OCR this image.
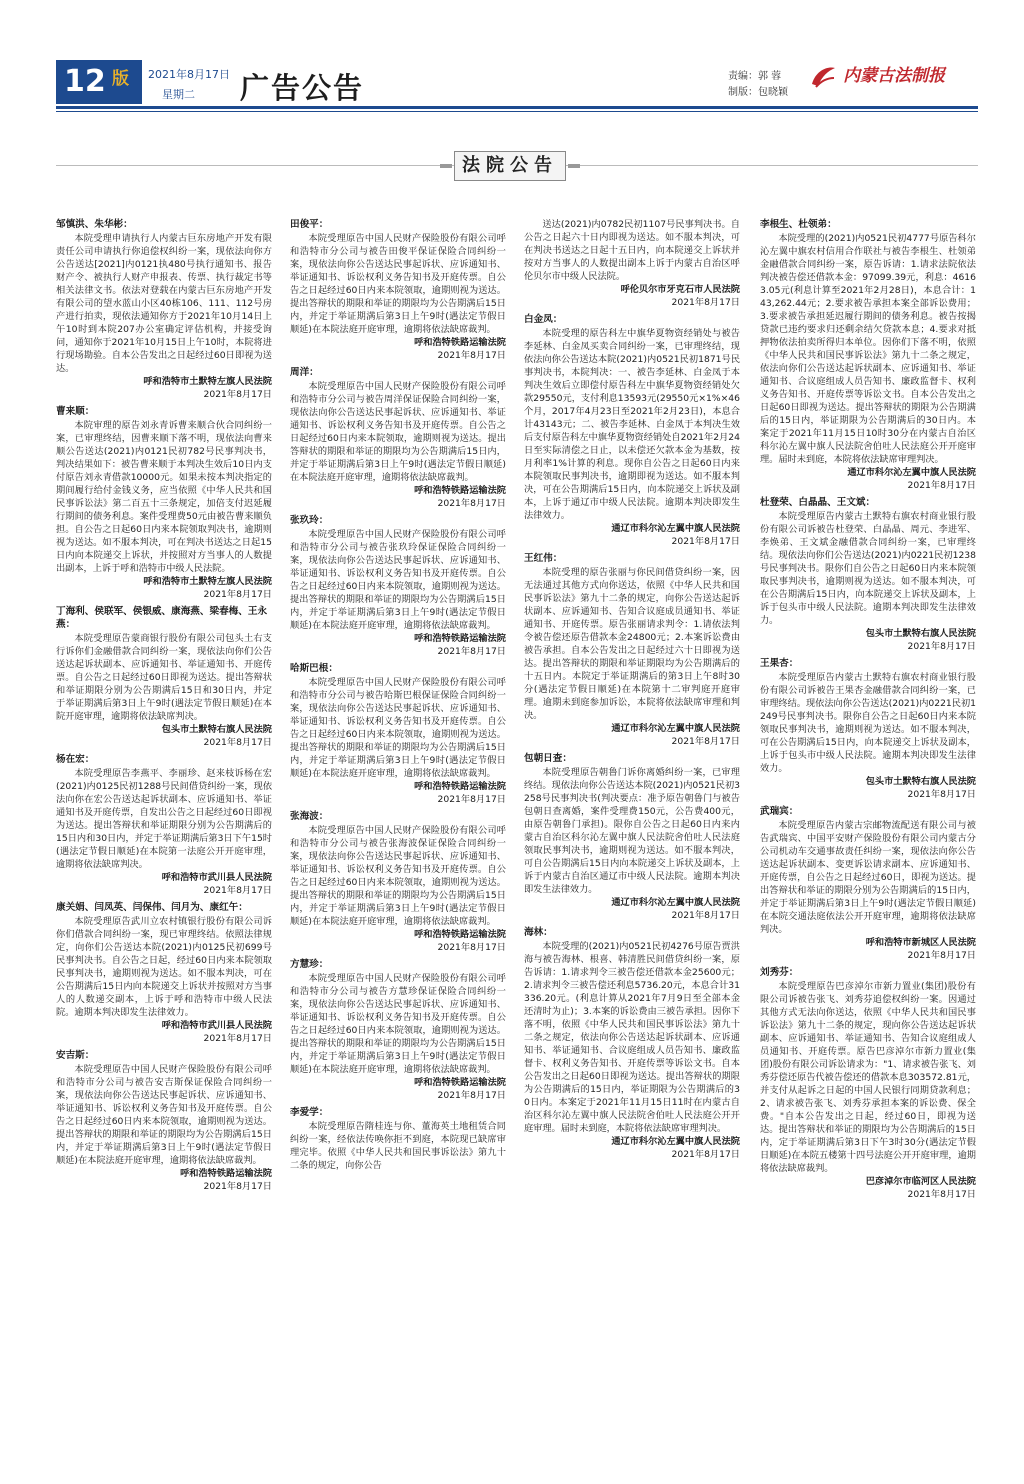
12 版 2021年8月17日
星期二 广告公告	责编：郭 蓉
制版：包晓颖
内蒙古法制报
法院公告

邹慎洪、朱华彬：

本院受理申请执行人内蒙古巨东房地产开发有限责任公司申请执行你追偿权纠纷一案，现依法向你方公告送达[2021]内0121执480号执行通知书、报告财产令、被执行人财产申报表、传票、执行裁定书等相关法律文书。依法对登载在内蒙古巨东房地产开发有限公司的望水蓝山小区40栋106、111、112号房产进行拍卖，现依法通知你方于2021年10月14日上午10时到本院207办公室确定评估机构，并接受询问，通知你于2021年10月15日上午10时，本院将进行现场勘验。自本公告发出之日起经过60日即视为送达。

呼和浩特市土默特左旗人民法院

2021年8月17日

曹来顺：

本院审理的原告刘永青诉曹来顺合伙合同纠纷一案，已审理终结，因曹来顺下落不明，现依法向曹来顺公告送达(2021)内0121民初782号民事判决书，判决结果如下：被告曹来顺于本判决生效后10日内支付原告刘永青借款10000元。如果未按本判决指定的期间履行给付金钱义务，应当依照《中华人民共和国民事诉讼法》第二百五十三条规定，加倍支付迟延履行期间的债务利息。案件受理费50元由被告曹来顺负担。自公告之日起60日内来本院领取判决书，逾期则视为送达。如不服本判决，可在判决书送达之日起15日内向本院递交上诉状，并按照对方当事人的人数提出副本，上诉于呼和浩特市中级人民法院。

呼和浩特市土默特左旗人民法院

2021年8月17日

丁海利、侯联军、侯银威、康海燕、梁春梅、王永燕：

本院受理原告蒙商银行股份有限公司包头土右支行诉你们金融借款合同纠纷一案，现依法向你们公告送达起诉状副本、应诉通知书、举证通知书、开庭传票。自公告之日起经过60日即视为送达。提出答辩状和举证期限分别为公告期满后15日和30日内，并定于举证期满后第3日上午9时(遇法定节假日顺延)在本院开庭审理，逾期将依法缺席判决。

包头市土默特右旗人民法院

2021年8月17日

杨在宏：

本院受理原告李燕平、李丽珍、赵来枝诉杨在宏(2021)内0125民初1288号民间借贷纠纷一案，现依法向你在宏公告送达起诉状副本、应诉通知书、举证通知书及开庭传票，自发出公告之日起经过60日即视为送达。提出答辩状和举证期限分别为公告期满后的15日内和30日内，并定于举证期满后第3日下午15时(遇法定节假日顺延)在本院第一法庭公开开庭审理，逾期将依法缺席判决。

呼和浩特市武川县人民法院

2021年8月17日

康关娟、闫凤英、闫保伟、闫月为、康红午：

本院受理原告武川立农村镇银行股份有限公司诉你们借款合同纠纷一案，现已审理终结。依照法律规定，向你们公告送达本院(2021)内0125民初699号民事判决书。自公告之日起，经过60日内来本院领取民事判决书，逾期则视为送达。如不服本判决，可在公告期满后15日内向本院递交上诉状并按照对方当事人的人数递交副本，上诉于呼和浩特市中级人民法院。逾期本判决即发生法律效力。

呼和浩特市武川县人民法院

2021年8月17日

安吉斯：

本院受理原告中国人民财产保险股份有限公司呼和浩特市分公司与被告安吉斯保证保险合同纠纷一案，现依法向你公告送达民事起诉状、应诉通知书、举证通知书、诉讼权利义务告知书及开庭传票。自公告之日起经过60日内来本院领取，逾期则视为送达。提出答辩状的期限和举证的期限均为公告期满后15日内，并定于举证期满后第3日上午9时(遇法定节假日顺延)在本院法庭开庭审理，逾期将依法缺席裁判。

呼和浩特铁路运输法院

2021年8月17日

田俊平：

本院受理原告中国人民财产保险股份有限公司呼和浩特市分公司与被告田俊平保证保险合同纠纷一案，现依法向你公告送达民事起诉状、应诉通知书、举证通知书、诉讼权利义务告知书及开庭传票。自公告之日起经过60日内来本院领取，逾期则视为送达。提出答辩状的期限和举证的期限均为公告期满后15日内，并定于举证期满后第3日上午9时(遇法定节假日顺延)在本院法庭开庭审理，逾期将依法缺席裁判。

呼和浩特铁路运输法院

2021年8月17日

周洋：

本院受理原告中国人民财产保险股份有限公司呼和浩特市分公司与被告周洋保证保险合同纠纷一案，现依法向你公告送达民事起诉状、应诉通知书、举证通知书、诉讼权利义务告知书及开庭传票。自公告之日起经过60日内来本院领取，逾期则视为送达。提出答辩状的期限和举证的期限均为公告期满后15日内，并定于举证期满后第3日上午9时(遇法定节假日顺延)在本院法庭开庭审理，逾期将依法缺席裁判。

呼和浩特铁路运输法院

2021年8月17日

张玖玲：

本院受理原告中国人民财产保险股份有限公司呼和浩特市分公司与被告张玖玲保证保险合同纠纷一案，现依法向你公告送达民事起诉状、应诉通知书、举证通知书、诉讼权利义务告知书及开庭传票。自公告之日起经过60日内来本院领取，逾期则视为送达。提出答辩状的期限和举证的期限均为公告期满后15日内，并定于举证期满后第3日上午9时(遇法定节假日顺延)在本院法庭开庭审理，逾期将依法缺席裁判。

呼和浩特铁路运输法院

2021年8月17日

哈斯巴根：

本院受理原告中国人民财产保险股份有限公司呼和浩特市分公司与被告哈斯巴根保证保险合同纠纷一案，现依法向你公告送达民事起诉状、应诉通知书、举证通知书、诉讼权利义务告知书及开庭传票。自公告之日起经过60日内来本院领取，逾期则视为送达。提出答辩状的期限和举证的期限均为公告期满后15日内，并定于举证期满后第3日上午9时(遇法定节假日顺延)在本院法庭开庭审理，逾期将依法缺席裁判。

呼和浩特铁路运输法院

2021年8月17日

张海波：

本院受理原告中国人民财产保险股份有限公司呼和浩特市分公司与被告张海波保证保险合同纠纷一案，现依法向你公告送达民事起诉状、应诉通知书、举证通知书、诉讼权利义务告知书及开庭传票。自公告之日起经过60日内来本院领取，逾期则视为送达。提出答辩状的期限和举证的期限均为公告期满后15日内，并定于举证期满后第3日上午9时(遇法定节假日顺延)在本院法庭开庭审理，逾期将依法缺席裁判。

呼和浩特铁路运输法院

2021年8月17日

方慧珍：

本院受理原告中国人民财产保险股份有限公司呼和浩特市分公司与被告方慧珍保证保险合同纠纷一案，现依法向你公告送达民事起诉状、应诉通知书、举证通知书、诉讼权利义务告知书及开庭传票。自公告之日起经过60日内来本院领取，逾期则视为送达。提出答辩状的期限和举证的期限均为公告期满后15日内，并定于举证期满后第3日上午9时(遇法定节假日顺延)在本院法庭开庭审理，逾期将依法缺席裁判。

呼和浩特铁路运输法院

2021年8月17日

李爱学：

本院受理原告隋桂连与你、董海英土地租赁合同纠纷一案，经依法传唤你拒不到庭，本院现已缺席审理完毕。依照《中华人民共和国民事诉讼法》第九十二条的规定，向你公告

送达(2021)内0782民初1107号民事判决书。自公告之日起六十日内即视为送达。如不服本判决，可在判决书送达之日起十五日内，向本院递交上诉状并按对方当事人的人数提出副本上诉于内蒙古自治区呼伦贝尔市中级人民法院。

呼伦贝尔市牙克石市人民法院

2021年8月17日

白金凤：

本院受理的原告科左中旗华夏物资经销处与被告李延林、白金凤买卖合同纠纷一案，已审理终结，现依法向你公告送达本院(2021)内0521民初1871号民事判决书，本院判决：一、被告李延林、白金凤于本判决生效后立即偿付原告科左中旗华夏物资经销处欠款29550元，支付利息13593元(29550元×1%×46个月，2017年4月23日至2021年2月23日)，本息合计43143元；二、被告李延林、白金凤于本判决生效后支付原告科左中旗华夏物资经销处自2021年2月24日至实际清偿之日止，以未偿还欠款本金为基数，按月利率1%计算的利息。现你自公告之日起60日内来本院领取民事判决书，逾期即视为送达。如不服本判决，可在公告期满后15日内，向本院递交上诉状及副本，上诉于通辽市中级人民法院。逾期本判决即发生法律效力。

通辽市科尔沁左翼中旗人民法院

2021年8月17日

王红伟：

本院受理的原告张丽与你民间借贷纠纷一案，因无法通过其他方式向你送达，依照《中华人民共和国民事诉讼法》第九十二条的规定，向你公告送达起诉状副本、应诉通知书、告知合议庭成员通知书、举证通知书、开庭传票。原告张丽请求判令：1.请依法判令被告偿还原告借款本金24800元；2.本案诉讼费由被告承担。自本公告发出之日起经过六十日即视为送达。提出答辩状的期限和举证期限均为公告期满后的十五日内。本院定于举证期满后的第3日上午8时30分(遇法定节假日顺延)在本院第十二审判庭开庭审理。逾期未到庭参加诉讼，本院将依法缺席审理和判决。

通辽市科尔沁左翼中旗人民法院

2021年8月17日

包朝日查：

本院受理原告朝鲁门诉你离婚纠纷一案，已审理终结。现依法向你公告送达本院(2021)内0521民初3258号民事判决书(判决要点：准予原告朝鲁门与被告包朝日查离婚，案件受理费150元，公告费400元，由原告朝鲁门承担)。限你自公告之日起60日内来内蒙古自治区科尔沁左翼中旗人民法院舍伯吐人民法庭领取民事判决书，逾期则视为送达。如不服本判决，可自公告期满后15日内向本院递交上诉状及副本，上诉于内蒙古自治区通辽市中级人民法院。逾期本判决即发生法律效力。

通辽市科尔沁左翼中旗人民法院

2021年8月17日

海林：

本院受理的(2021)内0521民初4276号原告贾洪海与被告海林、根喜、韩清胜民间借贷纠纷一案，原告诉请：1.请求判令三被告偿还借款本金25600元；2.请求判令三被告偿还利息5736.20元，本息合计31336.20元。(利息计算从2021年7月9日至全部本金还清时为止)；3.本案的诉讼费由三被告承担。因你下落不明，依照《中华人民共和国民事诉讼法》第九十二条之规定，依法向你公告送达起诉状副本、应诉通知书、举证通知书、合议庭组成人员告知书、廉政监督卡、权利义务告知书、开庭传票等诉讼文书。自本公告发出之日起60日即视为送达。提出答辩状的期限为公告期满后的15日内，举证期限为公告期满后的30日内。本案定于2021年11月15日11时在内蒙古自治区科尔沁左翼中旗人民法院舍伯吐人民法庭公开开庭审理。届时未到庭，本院将依法缺席审理判决。

通辽市科尔沁左翼中旗人民法院

2021年8月17日

李根生、杜领弟：

本院受理的(2021)内0521民初4777号原告科尔沁左翼中旗农村信用合作联社与被告李根生、杜领弟金融借款合同纠纷一案，原告诉请：1.请求法院依法判决被告偿还借款本金：97099.39元，利息：46163.05元(利息计算至2021年2月28日)，本息合计：143,262.44元；2.要求被告承担本案全部诉讼费用；3.要求被告承担延迟履行期间的债务利息。被告按揭贷款已违约要求归还剩余结欠贷款本息；4.要求对抵押物依法拍卖所得归本单位。因你们下落不明，依照《中华人民共和国民事诉讼法》第九十二条之规定，依法向你们公告送达起诉状副本、应诉通知书、举证通知书、合议庭组成人员告知书、廉政监督卡、权利义务告知书、开庭传票等诉讼文书。自本公告发出之日起60日即视为送达。提出答辩状的期限为公告期满后的15日内，举证期限为公告期满后的30日内。本案定于2021年11月15日10时30分在内蒙古自治区科尔沁左翼中旗人民法院舍伯吐人民法庭公开开庭审理。届时未到庭，本院将依法缺席审理判决。

通辽市科尔沁左翼中旗人民法院

2021年8月17日

杜登荣、白晶晶、王文斌：

本院受理原告内蒙古土默特右旗农村商业银行股份有限公司诉被告杜登荣、白晶晶、周元、李进军、李焕弟、王文斌金融借款合同纠纷一案，已审理终结。现依法向你们公告送达(2021)内0221民初1238号民事判决书。限你们自公告之日起60日内来本院领取民事判决书，逾期则视为送达。如不服本判决，可在公告期满后15日内，向本院递交上诉状及副本，上诉于包头市中级人民法院。逾期本判决即发生法律效力。

包头市土默特右旗人民法院

2021年8月17日

王果杏：

本院受理原告内蒙古土默特右旗农村商业银行股份有限公司诉被告王果杏金融借款合同纠纷一案，已审理终结。现依法向你公告送达(2021)内0221民初1249号民事判决书。限你自公告之日起60日内来本院领取民事判决书，逾期则视为送达。如不服本判决，可在公告期满后15日内，向本院递交上诉状及副本，上诉于包头市中级人民法院。逾期本判决即发生法律效力。

包头市土默特右旗人民法院

2021年8月17日

武瑞宾：

本院受理原告内蒙古宗邮物流配送有限公司与被告武瑞宾、中国平安财产保险股份有限公司内蒙古分公司机动车交通事故责任纠纷一案，现依法向你公告送达起诉状副本、变更诉讼请求副本、应诉通知书、开庭传票，自公告之日起经过60日，即视为送达。提出答辩状和举证的期限分别为公告期满后的15日内，并定于举证期满后第3日上午9时(遇法定节假日顺延)在本院交通法庭依法公开开庭审理，逾期将依法缺席判决。

呼和浩特市新城区人民法院

2021年8月17日

刘秀芬：

本院受理原告巴彦淖尔市新力置业(集团)股份有限公司诉被告张飞、刘秀芬追偿权纠纷一案。因通过其他方式无法向你送达，依照《中华人民共和国民事诉讼法》第九十二条的规定，现向你公告送达起诉状副本、应诉通知书、举证通知书、告知合议庭组成人员通知书、开庭传票。原告巴彦淖尔市新力置业(集团)股份有限公司诉讼请求为："1、请求被告张飞、刘秀芬偿还原告代被告偿还的借款本息303572.81元，并支付从起诉之日起的中国人民银行同期贷款利息；2、请求被告张飞、刘秀芬承担本案的诉讼费、保全费。"自本公告发出之日起，经过60日，即视为送达。提出答辩状和举证的期限均为公告期满后的15日内，定于举证期满后第3日下午3时30分(遇法定节假日顺延)在本院五楼第十四号法庭公开开庭审理，逾期将依法缺席裁判。

巴彦淖尔市临河区人民法院

2021年8月17日
